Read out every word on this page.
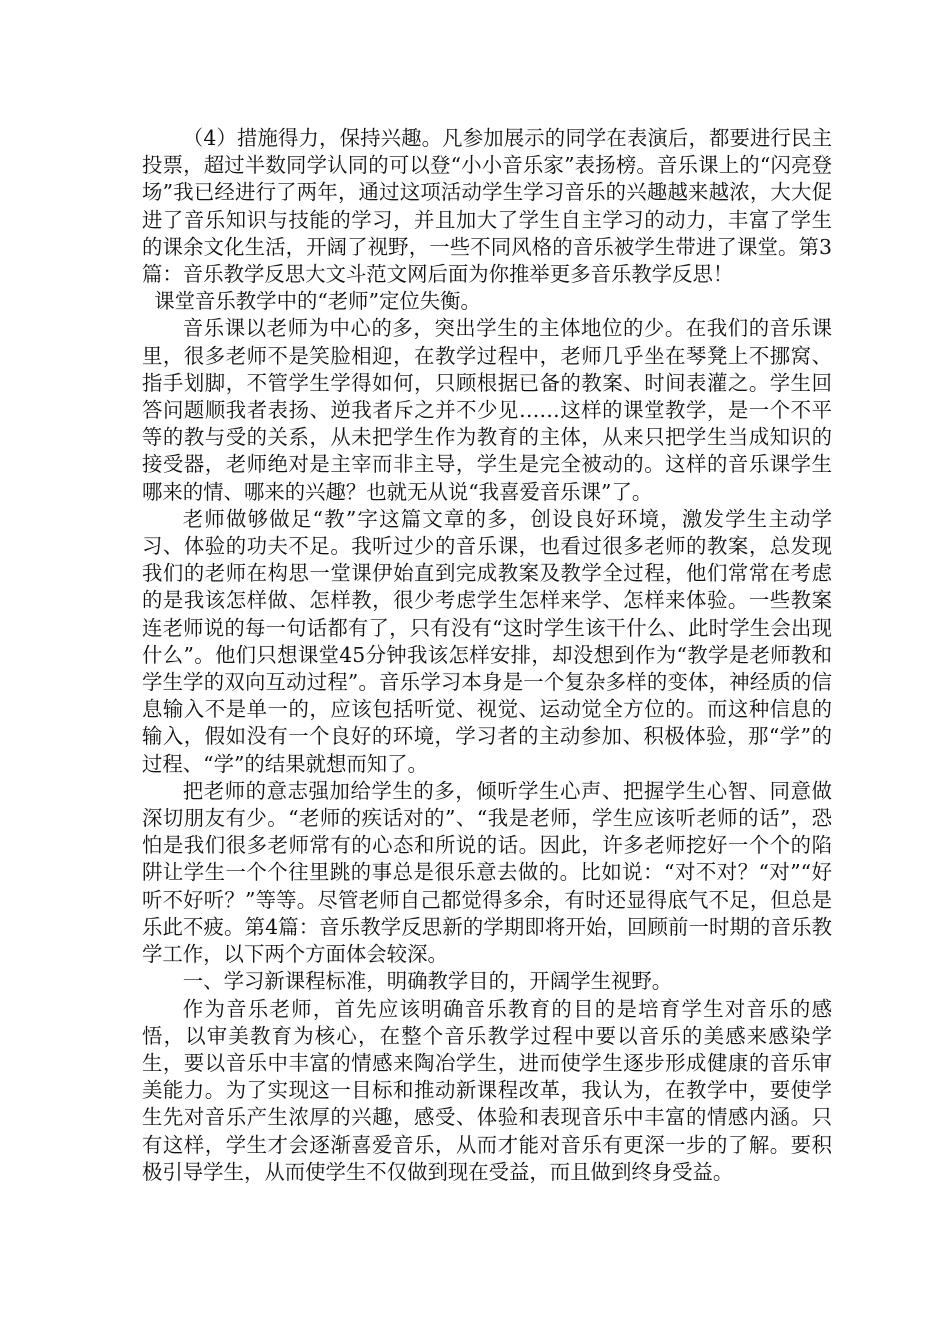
（4）措施得力，保持兴趣。凡参加展示的同学在表演后，都要进行民主投票，超过半数同学认同的可以登“小小音乐家”表扬榜。音乐课上的“闪亮登场”我已经进行了两年，通过这项活动学生学习音乐的兴趣越来越浓，大大促进了音乐知识与技能的学习，并且加大了学生自主学习的动力，丰富了学生的课余文化生活，开阔了视野，一些不同风格的音乐被学生带进了课堂。第3篇：音乐教学反思大文斗范文网后面为你推举更多音乐教学反思！

课堂音乐教学中的“老师”定位失衡。

音乐课以老师为中心的多，突出学生的主体地位的少。在我们的音乐课里，很多老师不是笑脸相迎，在教学过程中，老师几乎坐在琴凳上不挪窝、指手划脚，不管学生学得如何，只顾根据已备的教案、时间表灌之。学生回答问题顺我者表扬、逆我者斥之并不少见……这样的课堂教学，是一个不平等的教与受的关系，从未把学生作为教育的主体，从来只把学生当成知识的接受器，老师绝对是主宰而非主导，学生是完全被动的。这样的音乐课学生哪来的情、哪来的兴趣？也就无从说“我喜爱音乐课”了。

老师做够做足“教”字这篇文章的多，创设良好环境，激发学生主动学习、体验的功夫不足。我听过少的音乐课，也看过很多老师的教案，总发现我们的老师在构思一堂课伊始直到完成教案及教学全过程，他们常常在考虑的是我该怎样做、怎样教，很少考虑学生怎样来学、怎样来体验。一些教案连老师说的每一句话都有了，只有没有“这时学生该干什么、此时学生会出现什么”。他们只想课堂45分钟我该怎样安排，却没想到作为“教学是老师教和学生学的双向互动过程”。音乐学习本身是一个复杂多样的变体，神经质的信息输入不是单一的，应该包括听觉、视觉、运动觉全方位的。而这种信息的输入，假如没有一个良好的环境，学习者的主动参加、积极体验，那“学”的过程、“学”的结果就想而知了。

把老师的意志强加给学生的多，倾听学生心声、把握学生心智、同意做深切朋友有少。“老师的疾话对的”、“我是老师，学生应该听老师的话”，恐怕是我们很多老师常有的心态和所说的话。因此，许多老师挖好一个个的陷阱让学生一个个往里跳的事总是很乐意去做的。比如说：“对不对？“对”“好听不好听？”等等。尽管老师自己都觉得多余，有时还显得底气不足，但总是乐此不疲。第4篇：音乐教学反思新的学期即将开始，回顾前一时期的音乐教学工作，以下两个方面体会较深。

一、学习新课程标准，明确教学目的，开阔学生视野。

作为音乐老师，首先应该明确音乐教育的目的是培育学生对音乐的感悟，以审美教育为核心，在整个音乐教学过程中要以音乐的美感来感染学生，要以音乐中丰富的情感来陶冶学生，进而使学生逐步形成健康的音乐审美能力。为了实现这一目标和推动新课程改革，我认为，在教学中，要使学生先对音乐产生浓厚的兴趣，感受、体验和表现音乐中丰富的情感内涵。只有这样，学生才会逐渐喜爱音乐，从而才能对音乐有更深一步的了解。要积极引导学生，从而使学生不仅做到现在受益，而且做到终身受益。
